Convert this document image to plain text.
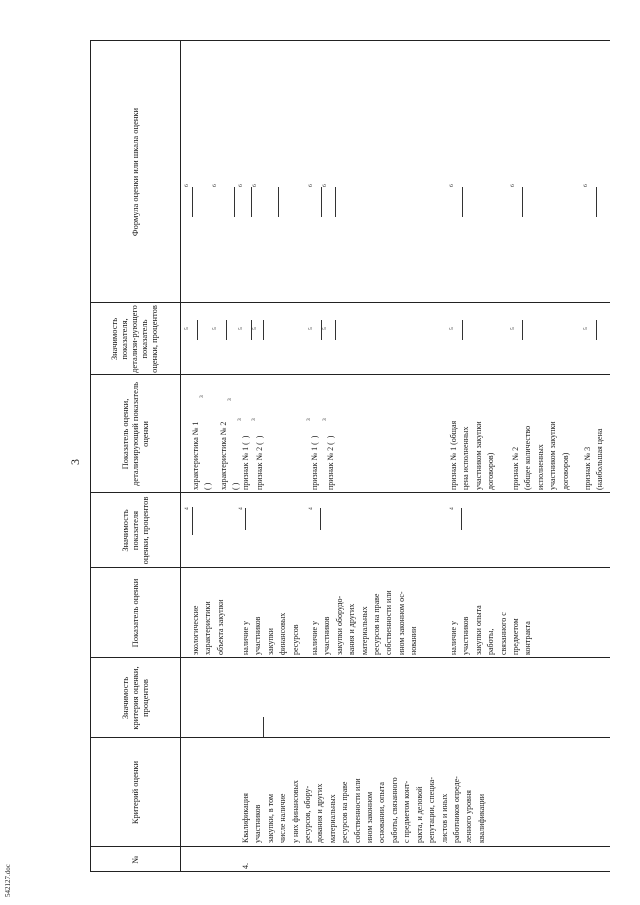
3
542127.doc
№
Критерий оценки
Значимость критерия оценки, процентов
Показатель оценки
Значимость показателя оценки, процентов
Показатель оценки, детализирующий показатель оценки
Значимость показателя, детализи-рующего показатель оценки, процентов
Формула оценки или шкала оценки
экологические
характеристики
объекта закупки
4
характеристика № 1
( )
3
5
6
характеристика № 2
( )
3
5
6
4.
Квалификация
участников
закупки, в том
числе наличие
у них финансовых
ресурсов, обору-
дования и других
материальных
ресурсов на праве
собственности или
ином законном
основании, опыта
работы, связанного
с предметом конт-
ракта, и деловой
репутации, специа-
листов и иных
работников опреде-
ленного уровня
квалификации
наличие у
участников
закупки
финансовых
ресурсов
4
признак № 1 (  )
3
5
6
признак № 2 (  )
3
5
6
наличие у
участников
закупки оборудо-
вания и других
материальных
ресурсов на праве
собственности или
ином законном ос-
новании
4
признак № 1 (  )
3
5
6
признак № 2 (  )
3
5
6
наличие у
участников
закупки опыта
работы,
связанного с
предметом
контракта
4
признак № 1 (общая
цена исполненных
участником закупки
договоров)
5
6
признак № 2
(общее количество
исполненных
участником закупки
договоров)
5
6
признак № 3
(наибольшая цена
5
6
